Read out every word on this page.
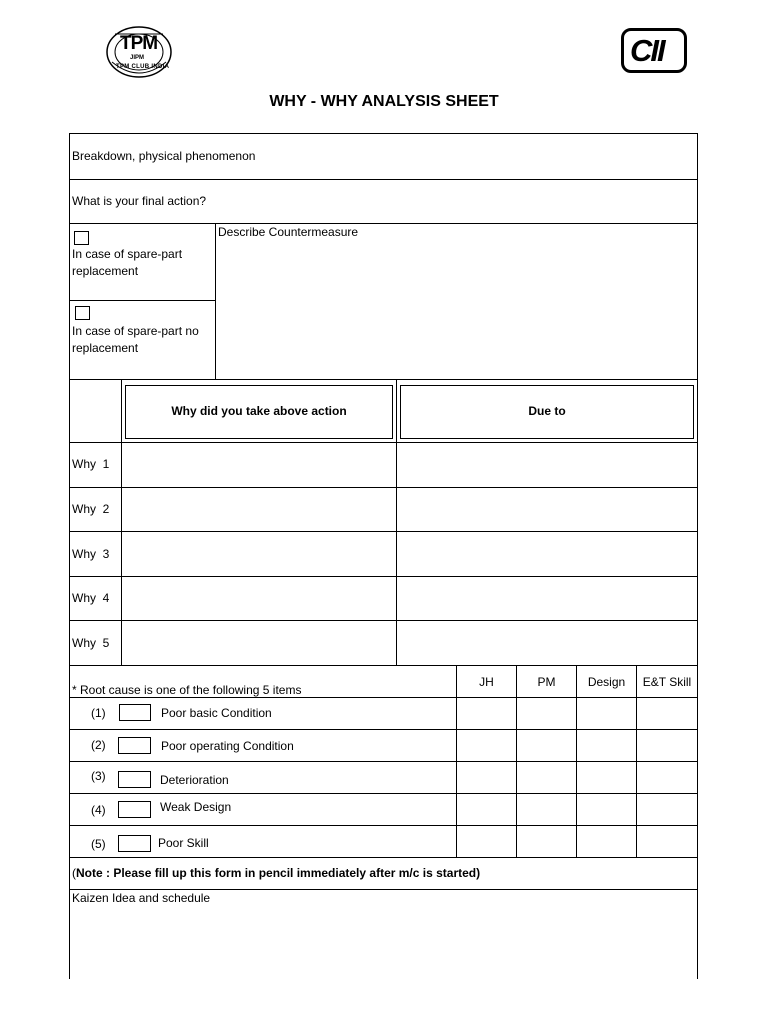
TPM
JIPM
TPM CLUB INDIA	CII
WHY - WHY ANALYSIS SHEET
Breakdown, physical phenomenon
What is your final action?
In case of spare-part replacement
In case of spare-part no replacement
Describe Countermeasure
Why did you take above action	Due to
Why  1
Why  2
Why  3
Why  4
Why  5
* Root cause is one of the following 5 items
JH	PM	Design	E&T Skill
(1)	Poor basic Condition
(2)	Poor operating Condition
(3)	Deterioration
(4)	Weak Design
(5)	Poor Skill
(Note : Please fill up this form in pencil immediately after m/c is started)
Kaizen Idea and schedule
